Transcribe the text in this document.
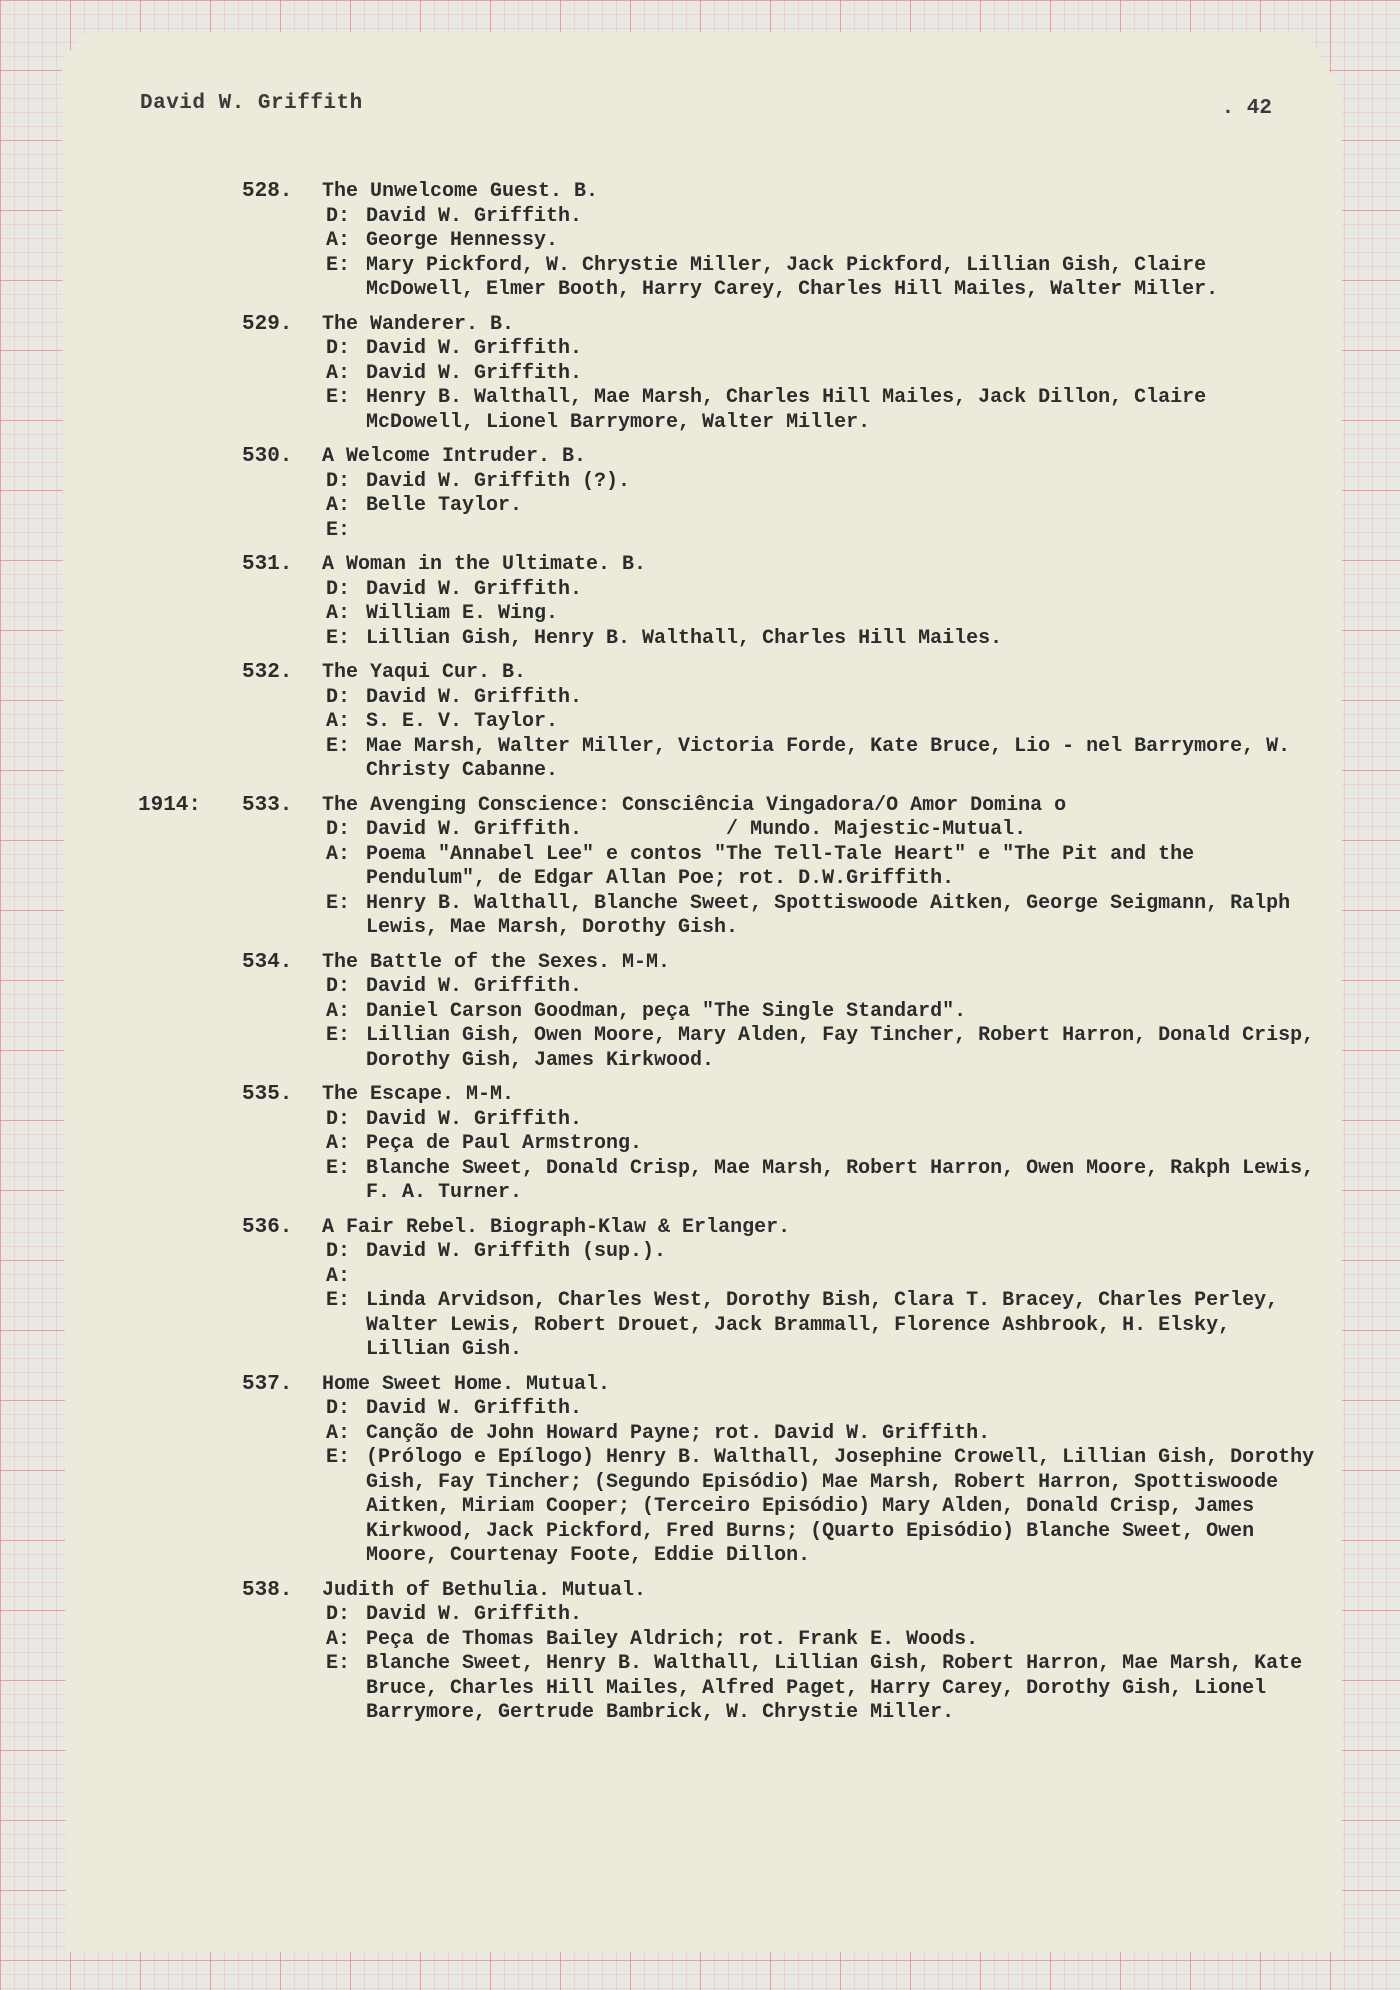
David W. Griffith	. 42
528.	The Unwelcome Guest. B.
D: David W. Griffith.
A: George Hennessy.
E: Mary Pickford, W. Chrystie Miller, Jack Pickford, Lillian Gish, Claire McDowell, Elmer Booth, Harry Carey, Charles Hill Mailes, Walter Miller.
529.	The Wanderer. B.
D: David W. Griffith.
A: David W. Griffith.
E: Henry B. Walthall, Mae Marsh, Charles Hill Mailes, Jack Dillon, Claire McDowell, Lionel Barrymore, Walter Miller.
530.	A Welcome Intruder. B.
D: David W. Griffith (?).
A: Belle Taylor.
E:
531.	A Woman in the Ultimate. B.
D: David W. Griffith.
A: William E. Wing.
E: Lillian Gish, Henry B. Walthall, Charles Hill Mailes.
532.	The Yaqui Cur. B.
D: David W. Griffith.
A: S. E. V. Taylor.
E: Mae Marsh, Walter Miller, Victoria Forde, Kate Bruce, Lio - nel Barrymore, W. Christy Cabanne.
1914:	533.	The Avenging Conscience: Consciência Vingadora/O Amor Domina o
D: David W. Griffith.            / Mundo. Majestic-Mutual.
A: Poema "Annabel Lee" e contos "The Tell-Tale Heart" e "The Pit and the Pendulum", de Edgar Allan Poe; rot. D.W.Griffith.
E: Henry B. Walthall, Blanche Sweet, Spottiswoode Aitken, George Seigmann, Ralph Lewis, Mae Marsh, Dorothy Gish.
534.	The Battle of the Sexes. M-M.
D: David W. Griffith.
A: Daniel Carson Goodman, peça "The Single Standard".
E: Lillian Gish, Owen Moore, Mary Alden, Fay Tincher, Robert Harron, Donald Crisp, Dorothy Gish, James Kirkwood.
535.	The Escape. M-M.
D: David W. Griffith.
A: Peça de Paul Armstrong.
E: Blanche Sweet, Donald Crisp, Mae Marsh, Robert Harron, Owen Moore, Rakph Lewis, F. A. Turner.
536.	A Fair Rebel. Biograph-Klaw & Erlanger.
D: David W. Griffith (sup.).
A:
E: Linda Arvidson, Charles West, Dorothy Bish, Clara T. Bracey, Charles Perley, Walter Lewis, Robert Drouet, Jack Brammall, Florence Ashbrook, H. Elsky, Lillian Gish.
537.	Home Sweet Home. Mutual.
D: David W. Griffith.
A: Canção de John Howard Payne; rot. David W. Griffith.
E: (Prólogo e Epílogo) Henry B. Walthall, Josephine Crowell, Lillian Gish, Dorothy Gish, Fay Tincher; (Segundo Episódio) Mae Marsh, Robert Harron, Spottiswoode Aitken, Miriam Cooper; (Terceiro Episódio) Mary Alden, Donald Crisp, James Kirkwood, Jack Pickford, Fred Burns; (Quarto Episódio) Blanche Sweet, Owen Moore, Courtenay Foote, Eddie Dillon.
538.	Judith of Bethulia. Mutual.
D: David W. Griffith.
A: Peça de Thomas Bailey Aldrich; rot. Frank E. Woods.
E: Blanche Sweet, Henry B. Walthall, Lillian Gish, Robert Harron, Mae Marsh, Kate Bruce, Charles Hill Mailes, Alfred Paget, Harry Carey, Dorothy Gish, Lionel Barrymore, Gertrude Bambrick, W. Chrystie Miller.
